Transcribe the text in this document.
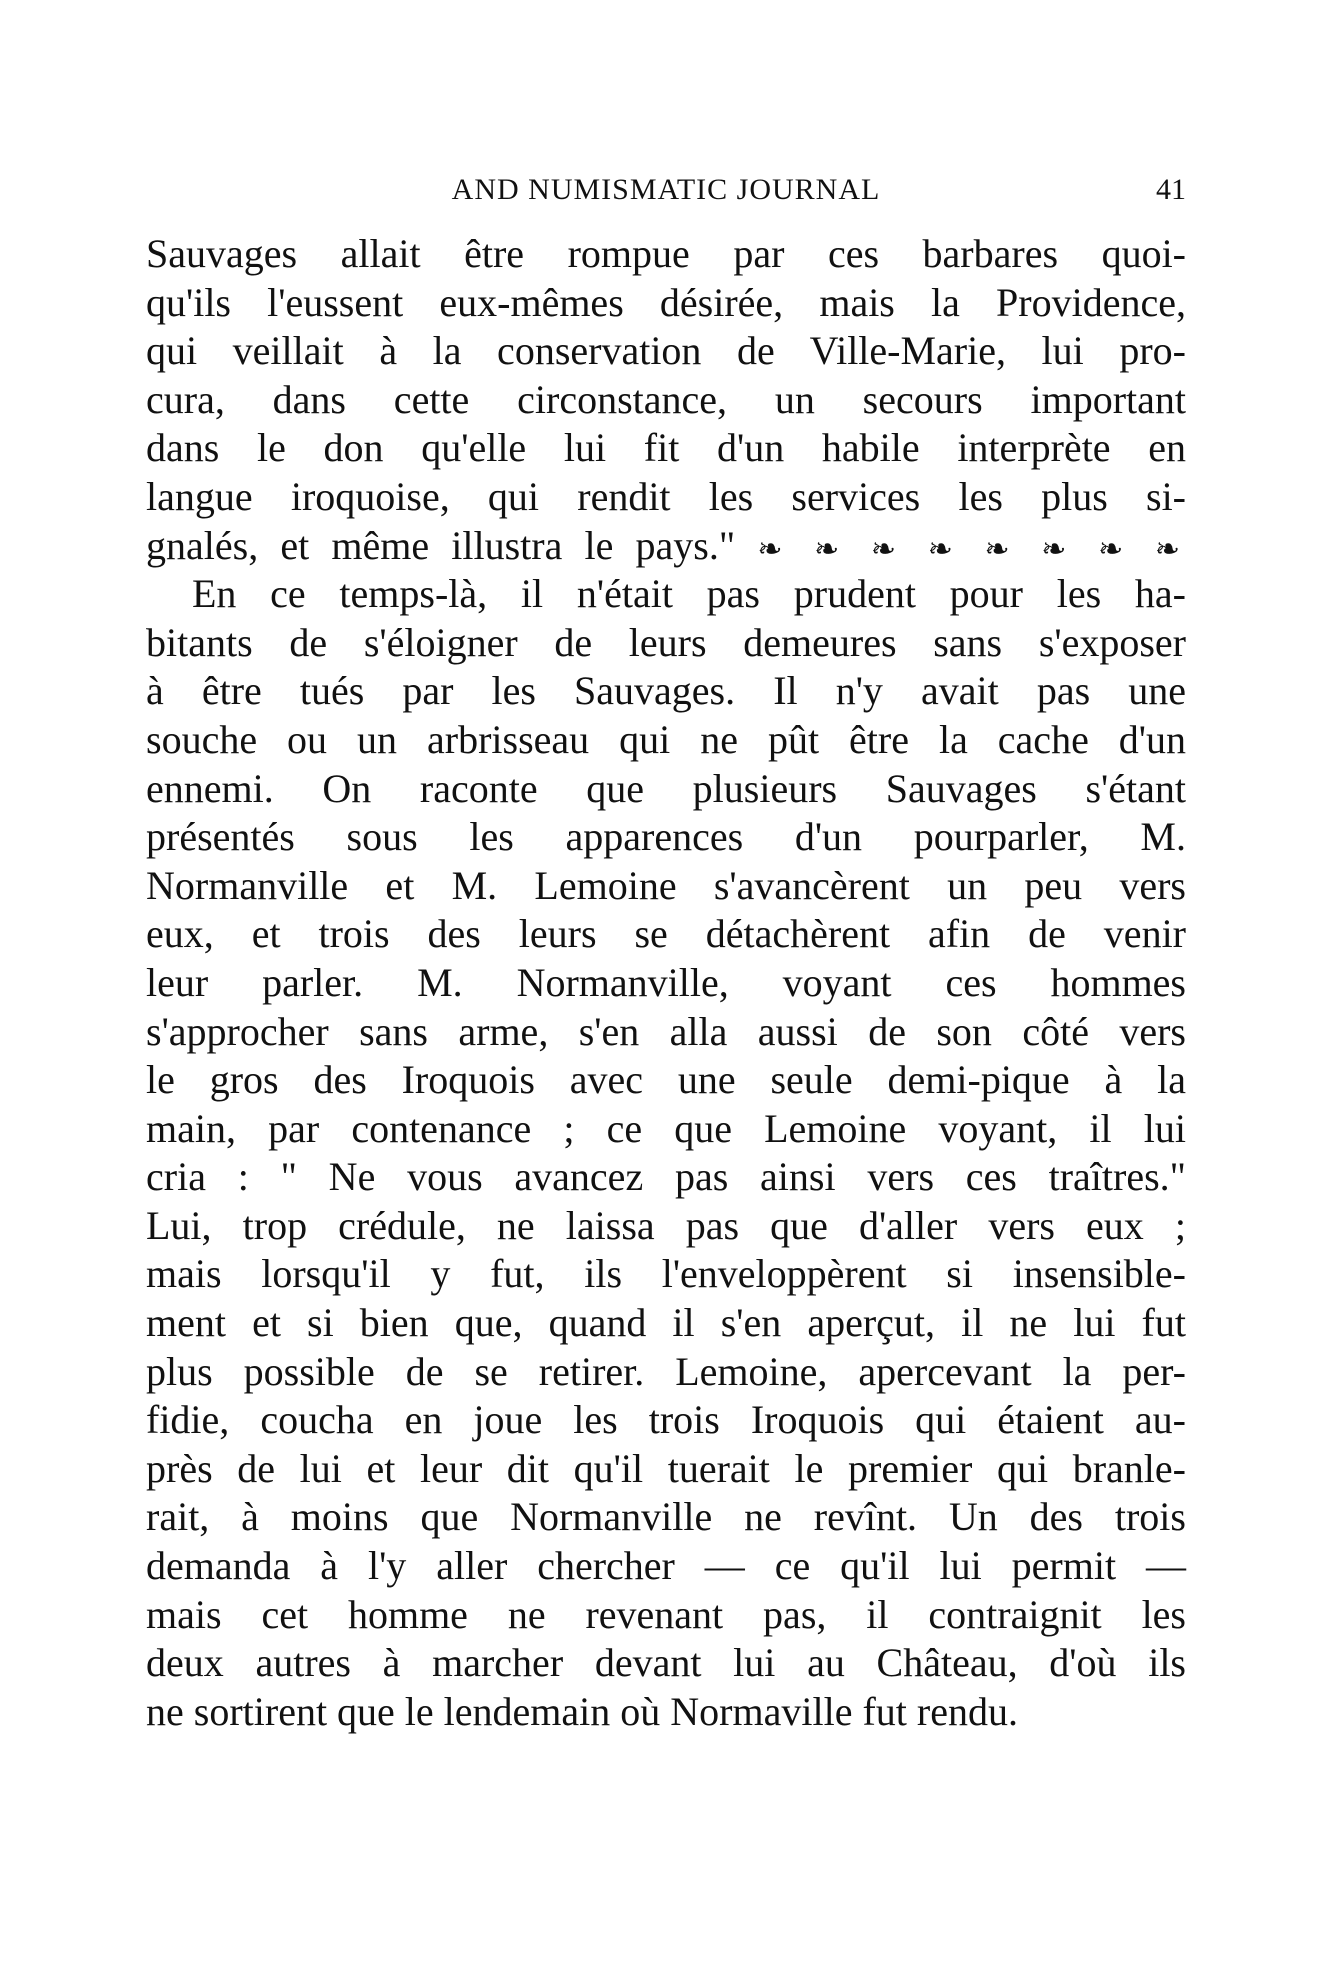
AND NUMISMATIC JOURNAL	41
Sauvages allait être rompue par ces barbares quoi-
qu'ils l'eussent eux-mêmes désirée, mais la Providence,
qui veillait à la conservation de Ville-Marie, lui pro-
cura, dans cette circonstance, un secours important
dans le don qu'elle lui fit d'un habile interprète en
langue iroquoise, qui rendit les services les plus si-
gnalés, et même illustra le pays." ❧ ❧ ❧ ❧ ❧ ❧ ❧ ❧
En ce temps-là, il n'était pas prudent pour les ha-
bitants de s'éloigner de leurs demeures sans s'exposer
à être tués par les Sauvages. Il n'y avait pas une
souche ou un arbrisseau qui ne pût être la cache d'un
ennemi. On raconte que plusieurs Sauvages s'étant
présentés sous les apparences d'un pourparler, M.
Normanville et M. Lemoine s'avancèrent un peu vers
eux, et trois des leurs se détachèrent afin de venir
leur parler. M. Normanville, voyant ces hommes
s'approcher sans arme, s'en alla aussi de son côté vers
le gros des Iroquois avec une seule demi-pique à la
main, par contenance ; ce que Lemoine voyant, il lui
cria : " Ne vous avancez pas ainsi vers ces traîtres."
Lui, trop crédule, ne laissa pas que d'aller vers eux ;
mais lorsqu'il y fut, ils l'enveloppèrent si insensible-
ment et si bien que, quand il s'en aperçut, il ne lui fut
plus possible de se retirer. Lemoine, apercevant la per-
fidie, coucha en joue les trois Iroquois qui étaient au-
près de lui et leur dit qu'il tuerait le premier qui branle-
rait, à moins que Normanville ne revînt. Un des trois
demanda à l'y aller chercher — ce qu'il lui permit —
mais cet homme ne revenant pas, il contraignit les
deux autres à marcher devant lui au Château, d'où ils
ne sortirent que le lendemain où Normaville fut rendu.
